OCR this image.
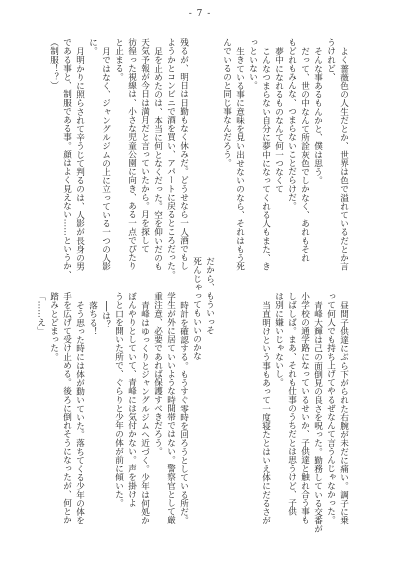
- 7 -
よく薔薇色の人生だとか、世界は色で溢れているだとか言
うけれど、
そんな事あるもんかと、僕は思う。
だって、世の中なんて所詮灰色でしかなく、あれもそれ
もどれもみんな、つまらないことだらけだ。
夢中になれるものなんて何一つなくて
こんなつまらない自分に夢中になってくれる人もまた、き
っといない。
生きている事に意味を見い出せないのなら、それはもう死
んでいるのと同じ事なんだろう。
だから、もういっそ
死んじゃってもいいのかな	昼間子供達にぶら下がられた右腕が未だに痛い。調子に乗
って何人でも持ち上げてやるぜなんて言うんじゃなかった。
青峰大輝は己の面倒見の良さを呪った。勤務している交番が
小学校の通学路になっているせいか、子供達と触れ合う事も
しばしば。まあ、それも仕事のうちだとは思うけど、子供
は別に嫌いじゃないし。
当直明けという事もあって一度寝たとはいえ体にだるさが
残るが、明日は日勤もなく休みだ。どうせなら一人酒でもし
ようかとコンビニで酒を買い、アパートに戻るところだった。
足を止めたのは、本当に何となくだった。空を仰いだのも
天気予報が今日は満月だと言っていたから。月を探して
彷徨った視線は、小さな児童公園に向き、ある一点でぴたり
と止まる。
月ではなく、ジャングルジムの上に立っている一つの人影
に。
月明かりに照らされて辛うじて判るのは、人影が長身の男
である事と、制服である事。顔はよく見えない……というか、
（制服！？）
時計を確認する。もうすぐ零時を回ろうとしている所だ。
学生が外に居ていいような時間帯ではない。警察官として厳
重注意、必要であれば保護すべきだろう。
青峰はゆっくりとジャングルジムへ近づく。少年は何処か
ぼんやりとしていて、青峰には気付かない。声を掛けよ
うと口を開いた所で、ぐらりと少年の体が前に傾いた。
──は？
落ちる！
そう思った時には体が動いていた。落ちてくる少年の体を
手を広げて受け止める。後ろに倒れそうになったが、何とか
踏みとどまった。
「……え」
